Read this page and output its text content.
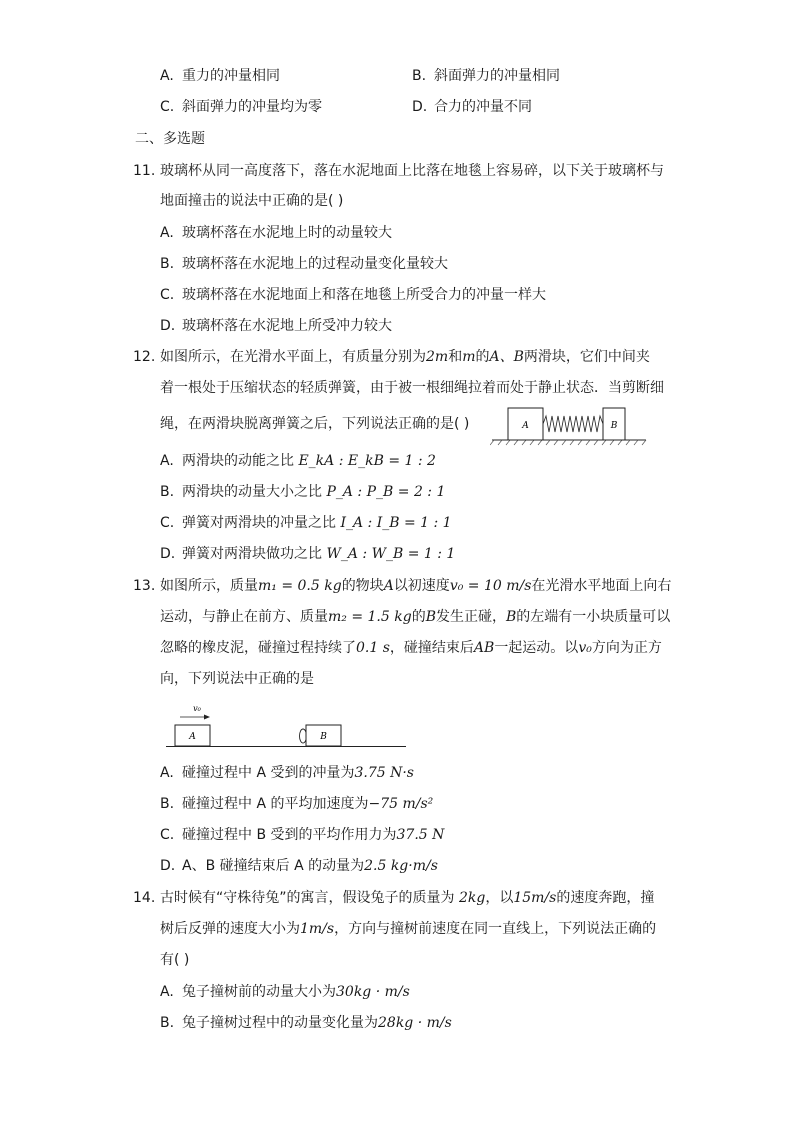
A. 重力的冲量相同	B. 斜面弹力的冲量相同
C. 斜面弹力的冲量均为零	D. 合力的冲量不同
二、多选题
11. 玻璃杯从同一高度落下，落在水泥地面上比落在地毯上容易碎，以下关于玻璃杯与
地面撞击的说法中正确的是( )
A. 玻璃杯落在水泥地上时的动量较大
B. 玻璃杯落在水泥地上的过程动量变化量较大
C. 玻璃杯落在水泥地面上和落在地毯上所受合力的冲量一样大
D. 玻璃杯落在水泥地上所受冲力较大
12. 如图所示，在光滑水平面上，有质量分别为2m和m的A、B两滑块，它们中间夹
着一根处于压缩状态的轻质弹簧，由于被一根细绳拉着而处于静止状态．当剪断细
绳，在两滑块脱离弹簧之后，下列说法正确的是( )	A	B
A. 两滑块的动能之比 E_kA : E_kB = 1 : 2
B. 两滑块的动量大小之比 P_A : P_B = 2 : 1
C. 弹簧对两滑块的冲量之比 I_A : I_B = 1 : 1
D. 弹簧对两滑块做功之比 W_A : W_B = 1 : 1
13. 如图所示，质量m₁ = 0.5 kg的物块A以初速度v₀ = 10 m/s在光滑水平地面上向右
运动，与静止在前方、质量m₂ = 1.5 kg的B发生正碰，B的左端有一小块质量可以
忽略的橡皮泥，碰撞过程持续了0.1 s，碰撞结束后AB一起运动。以v₀方向为正方
向，下列说法中正确的是
v₀
A	B
A. 碰撞过程中 A 受到的冲量为3.75 N·s
B. 碰撞过程中 A 的平均加速度为−75 m/s²
C. 碰撞过程中 B 受到的平均作用力为37.5 N
D. A、B 碰撞结束后 A 的动量为2.5 kg·m/s
14. 古时候有“守株待兔”的寓言，假设兔子的质量为 2kg，以15m/s的速度奔跑，撞
树后反弹的速度大小为1m/s，方向与撞树前速度在同一直线上，下列说法正确的
有( )
A. 兔子撞树前的动量大小为30kg · m/s
B. 兔子撞树过程中的动量变化量为28kg · m/s
